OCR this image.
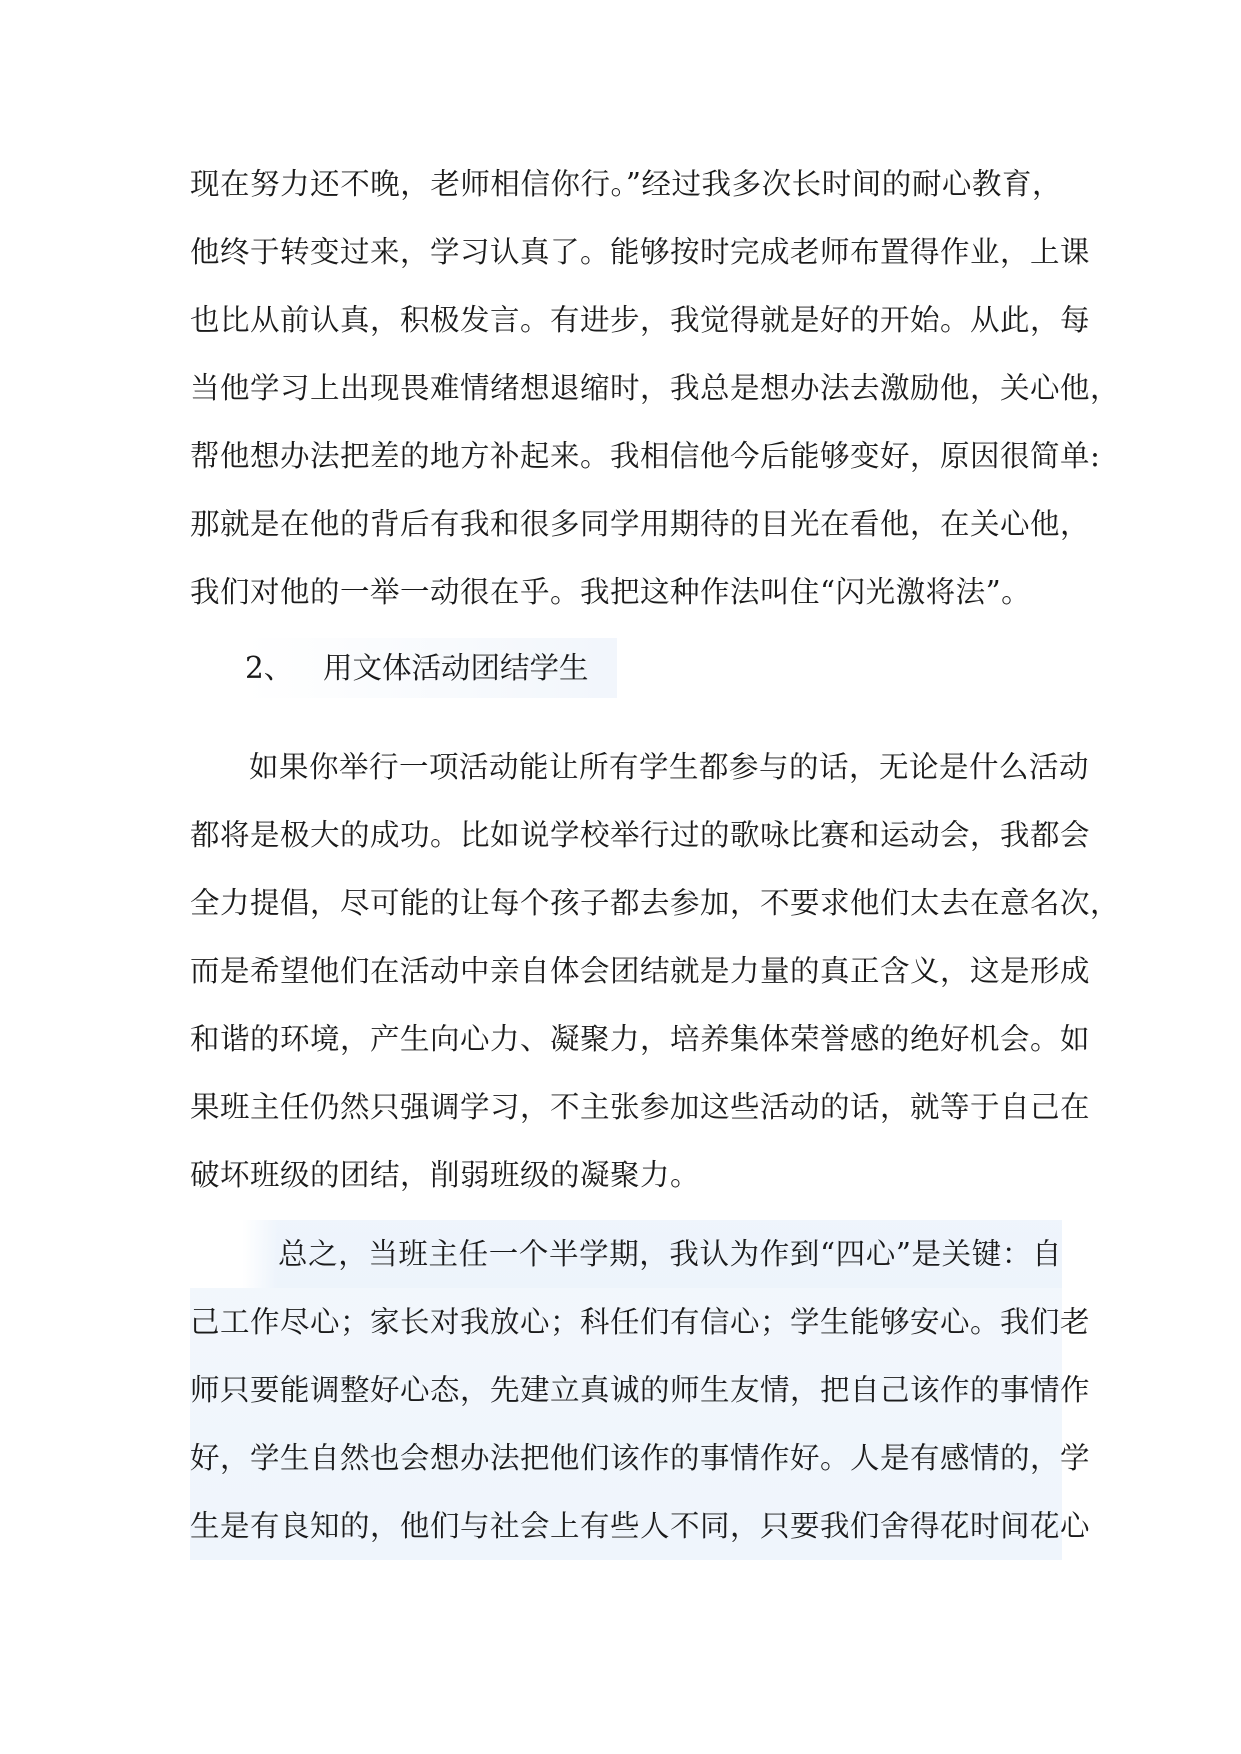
现在努力还不晚，老师相信你行。”经过我多次长时间的耐心教育，
他终于转变过来，学习认真了。能够按时完成老师布置得作业，上课
也比从前认真，积极发言。有进步，我觉得就是好的开始。从此，每
当他学习上出现畏难情绪想退缩时，我总是想办法去激励他，关心他，
帮他想办法把差的地方补起来。我相信他今后能够变好，原因很简单:
那就是在他的背后有我和很多同学用期待的目光在看他，在关心他，
我们对他的一举一动很在乎。我把这种作法叫住“闪光激将法”。
2、 用文体活动团结学生
如果你举行一项活动能让所有学生都参与的话，无论是什么活动
都将是极大的成功。比如说学校举行过的歌咏比赛和运动会，我都会
全力提倡，尽可能的让每个孩子都去参加，不要求他们太去在意名次，
而是希望他们在活动中亲自体会团结就是力量的真正含义，这是形成
和谐的环境，产生向心力、凝聚力，培养集体荣誉感的绝好机会。如
果班主任仍然只强调学习，不主张参加这些活动的话，就等于自己在
破坏班级的团结，削弱班级的凝聚力。
总之，当班主任一个半学期，我认为作到“四心”是关键：自
己工作尽心；家长对我放心；科任们有信心；学生能够安心。我们老
师只要能调整好心态，先建立真诚的师生友情，把自己该作的事情作
好，学生自然也会想办法把他们该作的事情作好。人是有感情的，学
生是有良知的，他们与社会上有些人不同，只要我们舍得花时间花心
